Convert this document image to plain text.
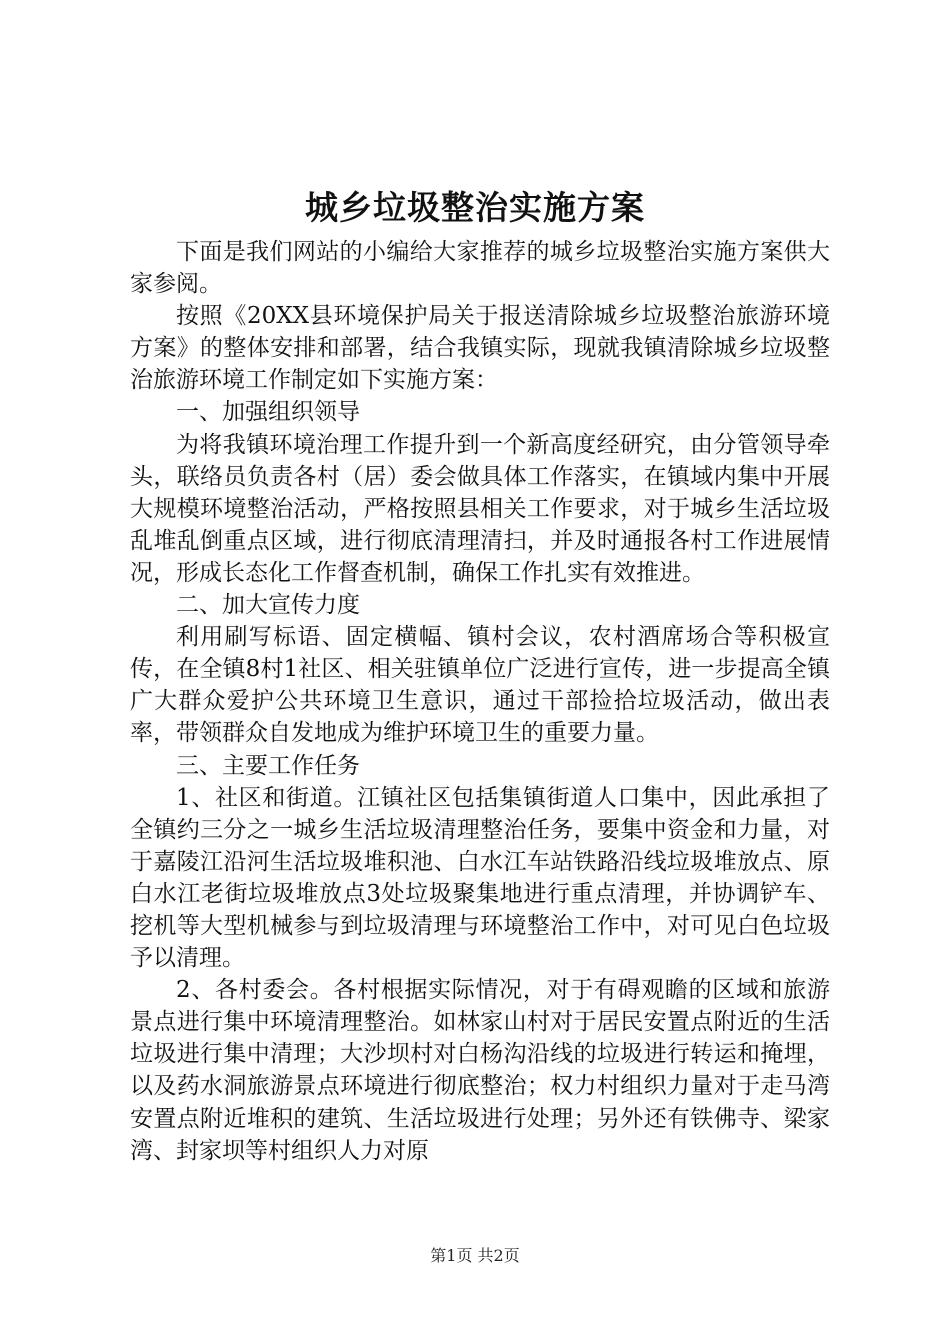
城乡垃圾整治实施方案

下面是我们网站的小编给大家推荐的城乡垃圾整治实施方案供大家参阅。

按照《20XX县环境保护局关于报送清除城乡垃圾整治旅游环境方案》的整体安排和部署，结合我镇实际，现就我镇清除城乡垃圾整治旅游环境工作制定如下实施方案：

一、加强组织领导

为将我镇环境治理工作提升到一个新高度经研究，由分管领导牵头，联络员负责各村（居）委会做具体工作落实，在镇域内集中开展大规模环境整治活动，严格按照县相关工作要求，对于城乡生活垃圾乱堆乱倒重点区域，进行彻底清理清扫，并及时通报各村工作进展情况，形成长态化工作督查机制，确保工作扎实有效推进。

二、加大宣传力度

利用刷写标语、固定横幅、镇村会议，农村酒席场合等积极宣传，在全镇8村1社区、相关驻镇单位广泛进行宣传，进一步提高全镇广大群众爱护公共环境卫生意识，通过干部捡拾垃圾活动，做出表率，带领群众自发地成为维护环境卫生的重要力量。

三、主要工作任务

1、社区和街道。江镇社区包括集镇街道人口集中，因此承担了全镇约三分之一城乡生活垃圾清理整治任务，要集中资金和力量，对于嘉陵江沿河生活垃圾堆积池、白水江车站铁路沿线垃圾堆放点、原白水江老街垃圾堆放点3处垃圾聚集地进行重点清理，并协调铲车、挖机等大型机械参与到垃圾清理与环境整治工作中，对可见白色垃圾予以清理。

2、各村委会。各村根据实际情况，对于有碍观瞻的区域和旅游景点进行集中环境清理整治。如林家山村对于居民安置点附近的生活垃圾进行集中清理；大沙坝村对白杨沟沿线的垃圾进行转运和掩埋，以及药水洞旅游景点环境进行彻底整治；权力村组织力量对于走马湾安置点附近堆积的建筑、生活垃圾进行处理；另外还有铁佛寺、梁家湾、封家坝等村组织人力对原

第1页 共2页
